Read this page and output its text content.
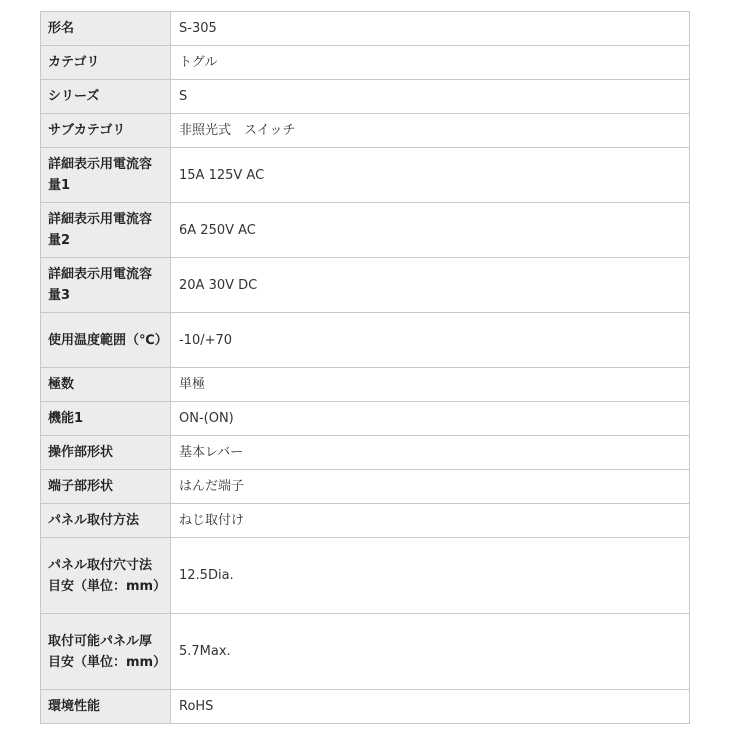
形名	S-305
カテゴリ	トグル
シリーズ	S
サブカテゴリ	非照光式　スイッチ
詳細表示用電流容量1	15A 125V AC
詳細表示用電流容量2	6A 250V AC
詳細表示用電流容量3	20A 30V DC
使用温度範囲（℃）	-10/+70
極数	単極
機能1	ON-(ON)
操作部形状	基本レバー
端子部形状	はんだ端子
パネル取付方法	ねじ取付け
パネル取付穴寸法目安（単位：mm）	12.5Dia.
取付可能パネル厚目安（単位：mm）	5.7Max.
環境性能	RoHS
